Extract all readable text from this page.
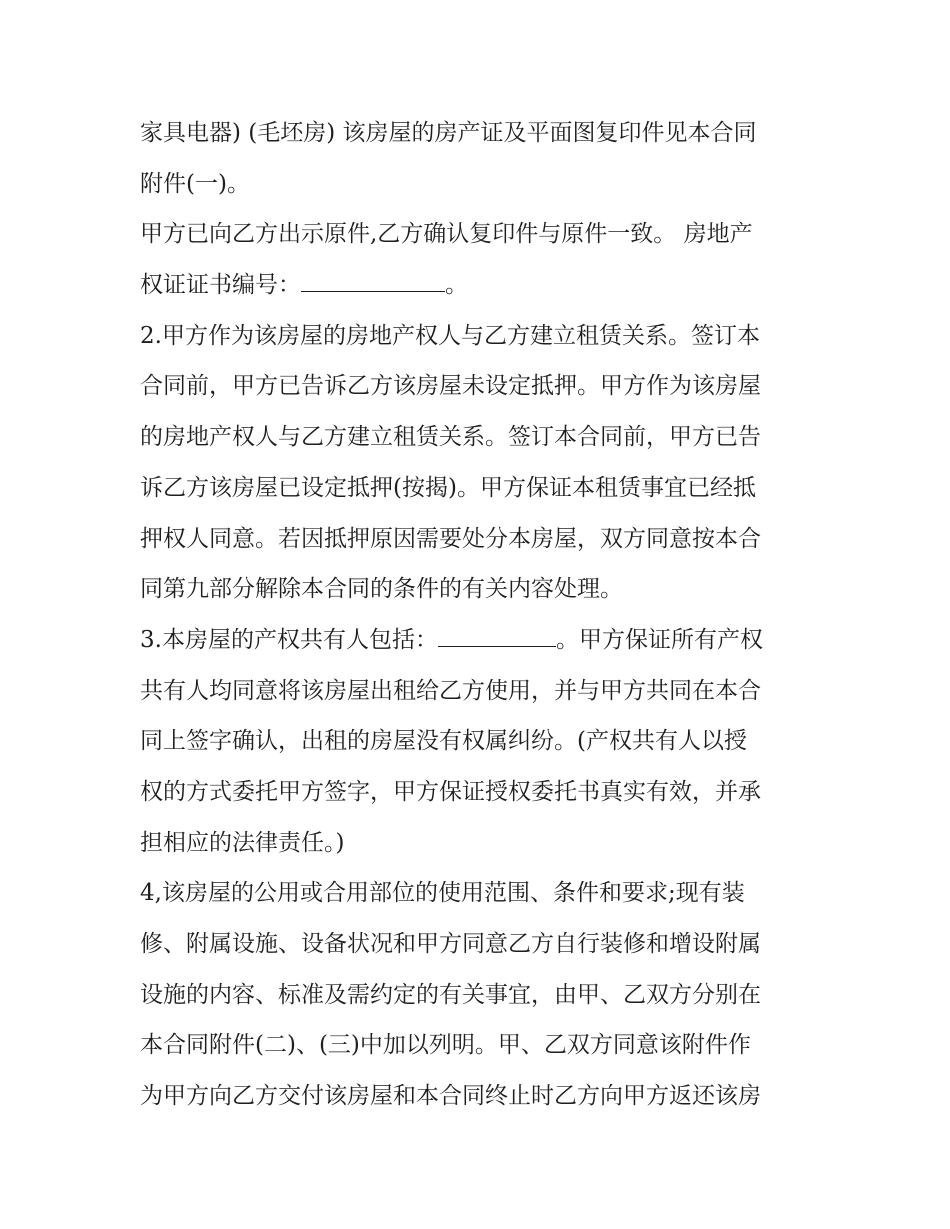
家具电器) (毛坯房) 该房屋的房产证及平面图复印件见本合同
附件(一)。
甲方已向乙方出示原件,乙方确认复印件与原件一致。 房地产
权证证书编号：	。
2.甲方作为该房屋的房地产权人与乙方建立租赁关系。签订本
合同前，甲方已告诉乙方该房屋未设定抵押。甲方作为该房屋
的房地产权人与乙方建立租赁关系。签订本合同前，甲方已告
诉乙方该房屋已设定抵押(按揭)。甲方保证本租赁事宜已经抵
押权人同意。若因抵押原因需要处分本房屋，双方同意按本合
同第九部分解除本合同的条件的有关内容处理。
3.本房屋的产权共有人包括：	。甲方保证所有产权
共有人均同意将该房屋出租给乙方使用，并与甲方共同在本合
同上签字确认，出租的房屋没有权属纠纷。(产权共有人以授
权的方式委托甲方签字，甲方保证授权委托书真实有效，并承
担相应的法律责任。)
4,该房屋的公用或合用部位的使用范围、条件和要求;现有装
修、附属设施、设备状况和甲方同意乙方自行装修和增设附属
设施的内容、标准及需约定的有关事宜，由甲、乙双方分别在
本合同附件(二)、(三)中加以列明。甲、乙双方同意该附件作
为甲方向乙方交付该房屋和本合同终止时乙方向甲方返还该房
